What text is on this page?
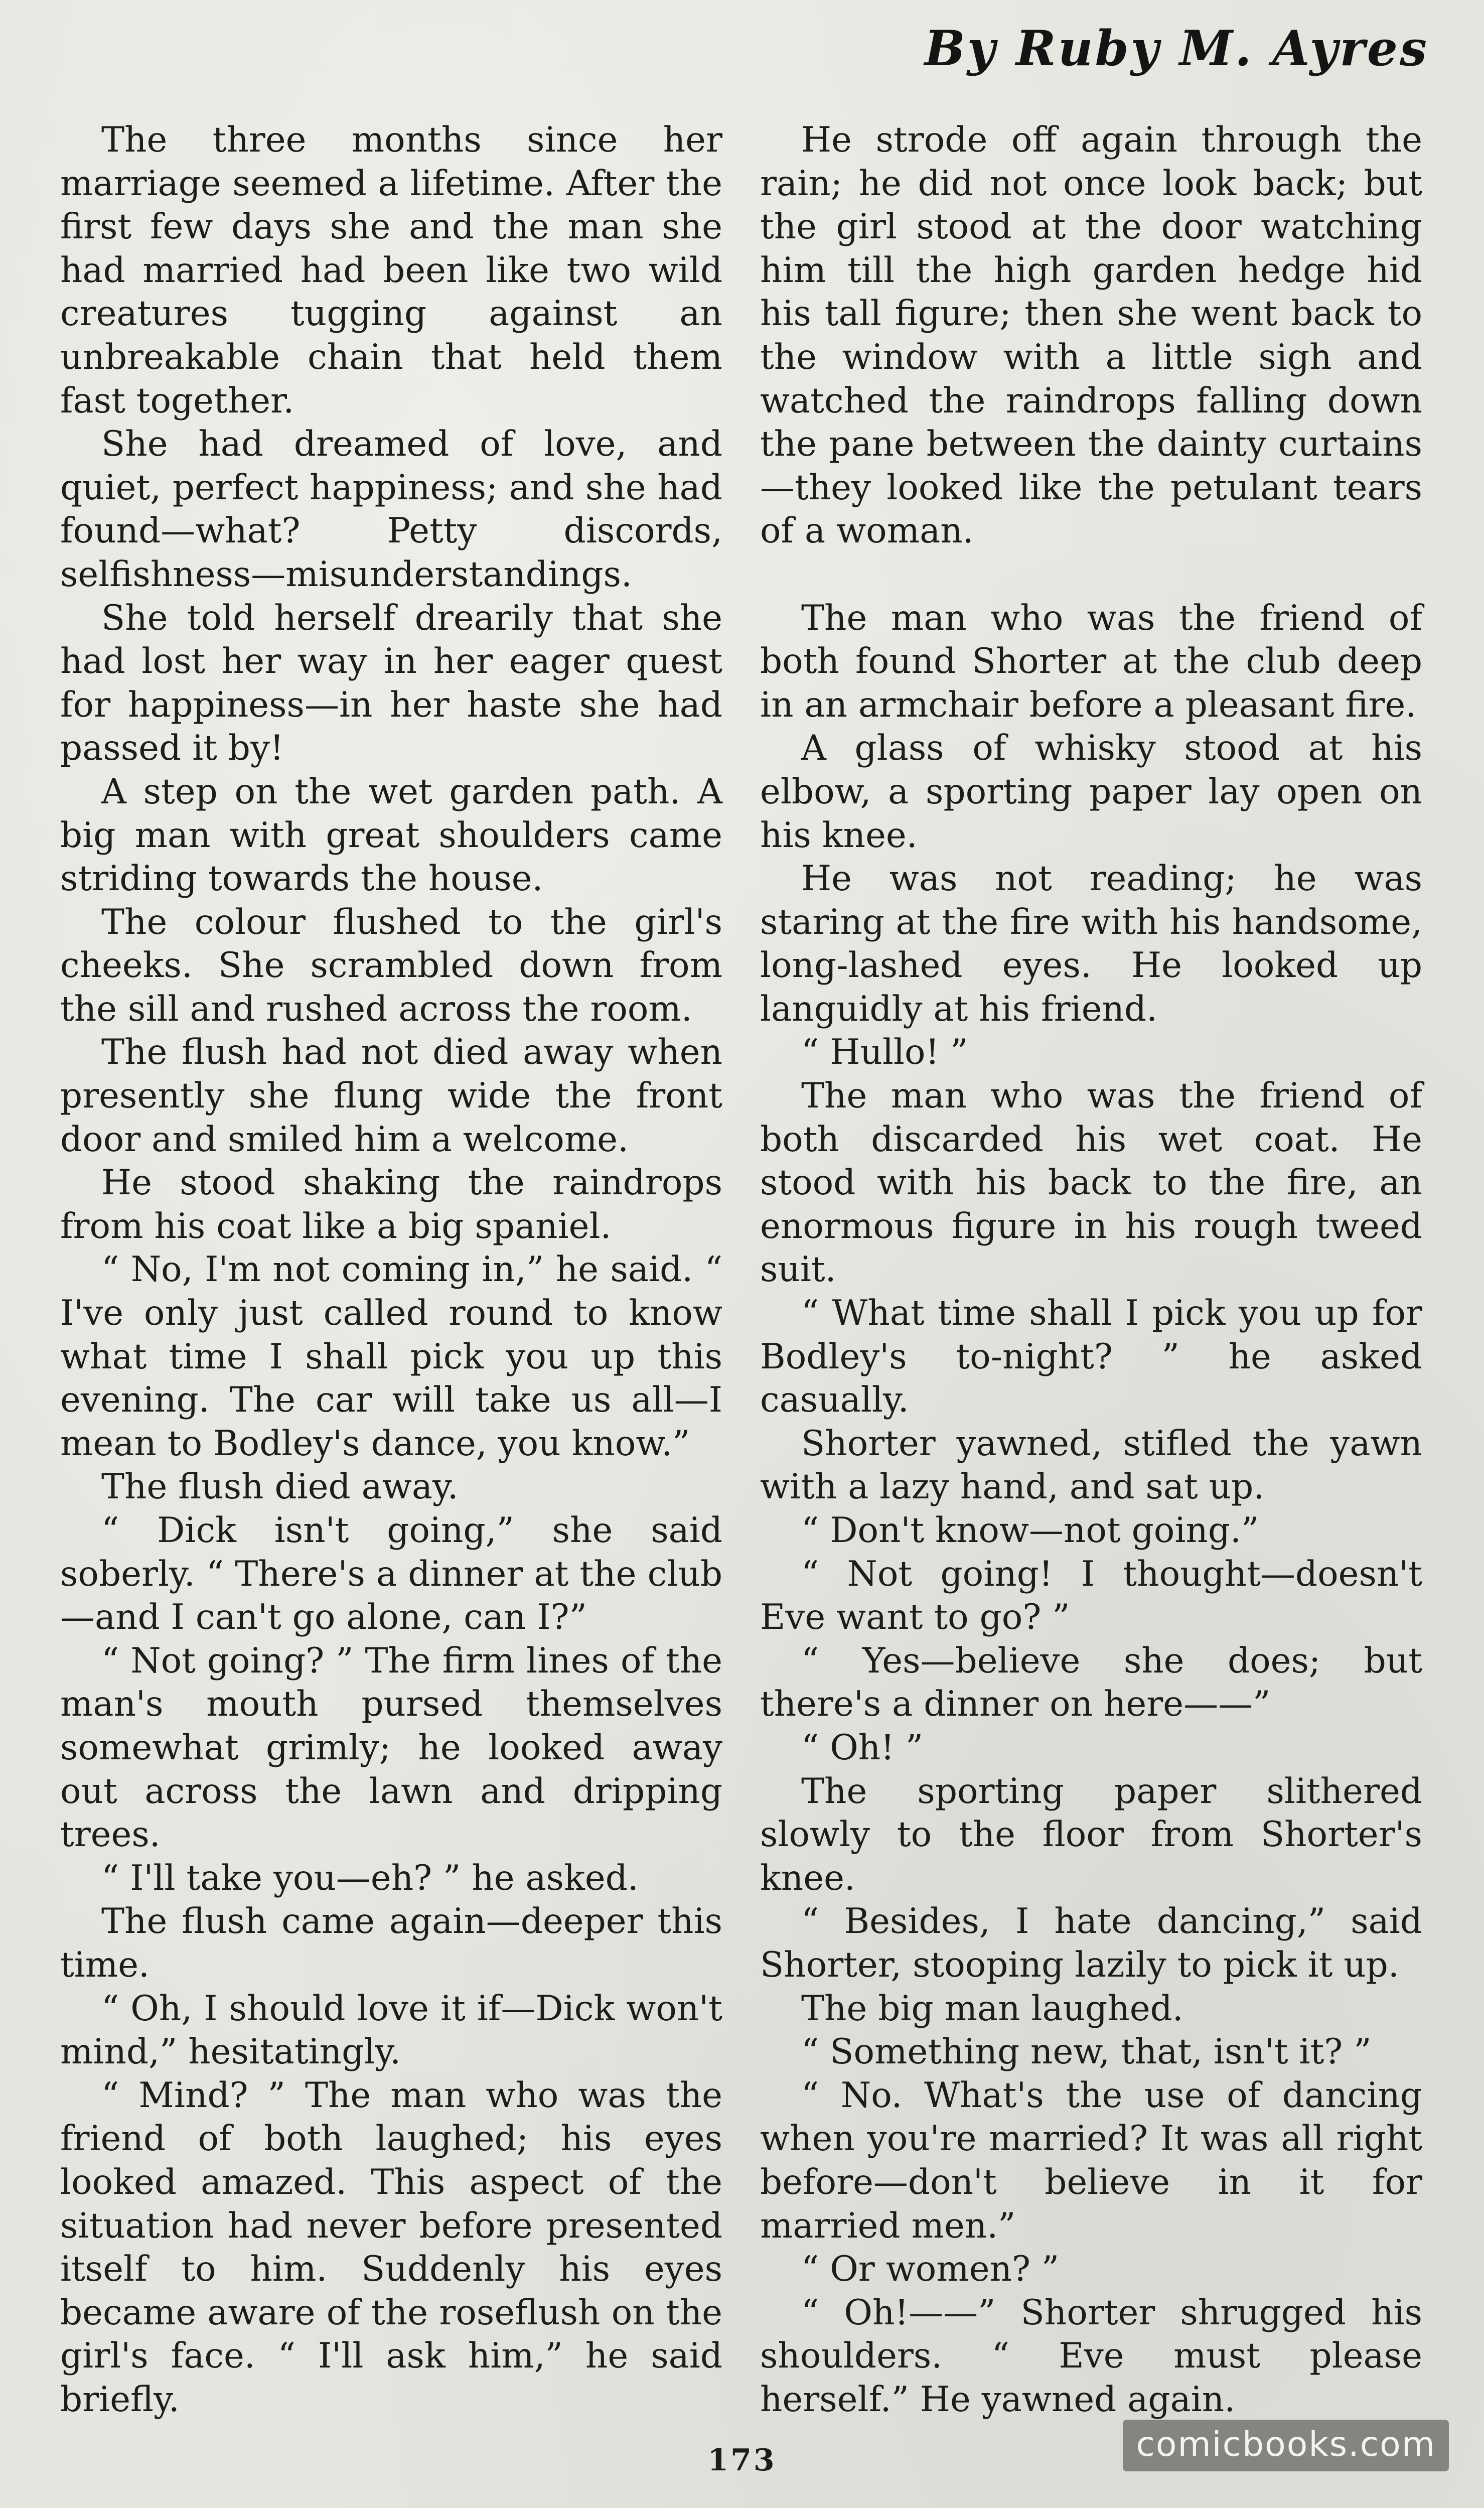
By Ruby M. Ayres

The three months since her marriage seemed a lifetime. After the first few days she and the man she had married had been like two wild creatures tugging against an unbreakable chain that held them fast together.

She had dreamed of love, and quiet, perfect happiness; and she had found—what? Petty discords, selfishness—misunderstandings.

She told herself drearily that she had lost her way in her eager quest for happiness—in her haste she had passed it by!

A step on the wet garden path. A big man with great shoulders came striding towards the house.

The colour flushed to the girl's cheeks. She scrambled down from the sill and rushed across the room.

The flush had not died away when presently she flung wide the front door and smiled him a welcome.

He stood shaking the raindrops from his coat like a big spaniel.

“ No, I'm not coming in,” he said. “ I've only just called round to know what time I shall pick you up this evening. The car will take us all—I mean to Bodley's dance, you know.”

The flush died away.

“ Dick isn't going,” she said soberly. “ There's a dinner at the club—and I can't go alone, can I?”

“ Not going? ” The firm lines of the man's mouth pursed themselves somewhat grimly; he looked away out across the lawn and dripping trees.

“ I'll take you—eh? ” he asked.

The flush came again—deeper this time.

“ Oh, I should love it if—Dick won't mind,” hesitatingly.

“ Mind? ” The man who was the friend of both laughed; his eyes looked amazed. This aspect of the situation had never before presented itself to him. Suddenly his eyes became aware of the roseflush on the girl's face. “ I'll ask him,” he said briefly.

He strode off again through the rain; he did not once look back; but the girl stood at the door watching him till the high garden hedge hid his tall figure; then she went back to the window with a little sigh and watched the raindrops falling down the pane between the dainty curtains—they looked like the petulant tears of a woman.

The man who was the friend of both found Shorter at the club deep in an armchair before a pleasant fire.

A glass of whisky stood at his elbow, a sporting paper lay open on his knee.

He was not reading; he was staring at the fire with his handsome, long-lashed eyes. He looked up languidly at his friend.

“ Hullo! ”

The man who was the friend of both discarded his wet coat. He stood with his back to the fire, an enormous figure in his rough tweed suit.

“ What time shall I pick you up for Bodley's to-night? ” he asked casually.

Shorter yawned, stifled the yawn with a lazy hand, and sat up.

“ Don't know—not going.”

“ Not going! I thought—doesn't Eve want to go? ”

“ Yes—believe she does; but there's a dinner on here——”

“ Oh! ”

The sporting paper slithered slowly to the floor from Shorter's knee.

“ Besides, I hate dancing,” said Shorter, stooping lazily to pick it up.

The big man laughed.

“ Something new, that, isn't it? ”

“ No. What's the use of dancing when you're married? It was all right before—don't believe in it for married men.”

“ Or women? ”

“ Oh!——” Shorter shrugged his shoulders. “ Eve must please herself.” He yawned again.

173	comicbooks.com
